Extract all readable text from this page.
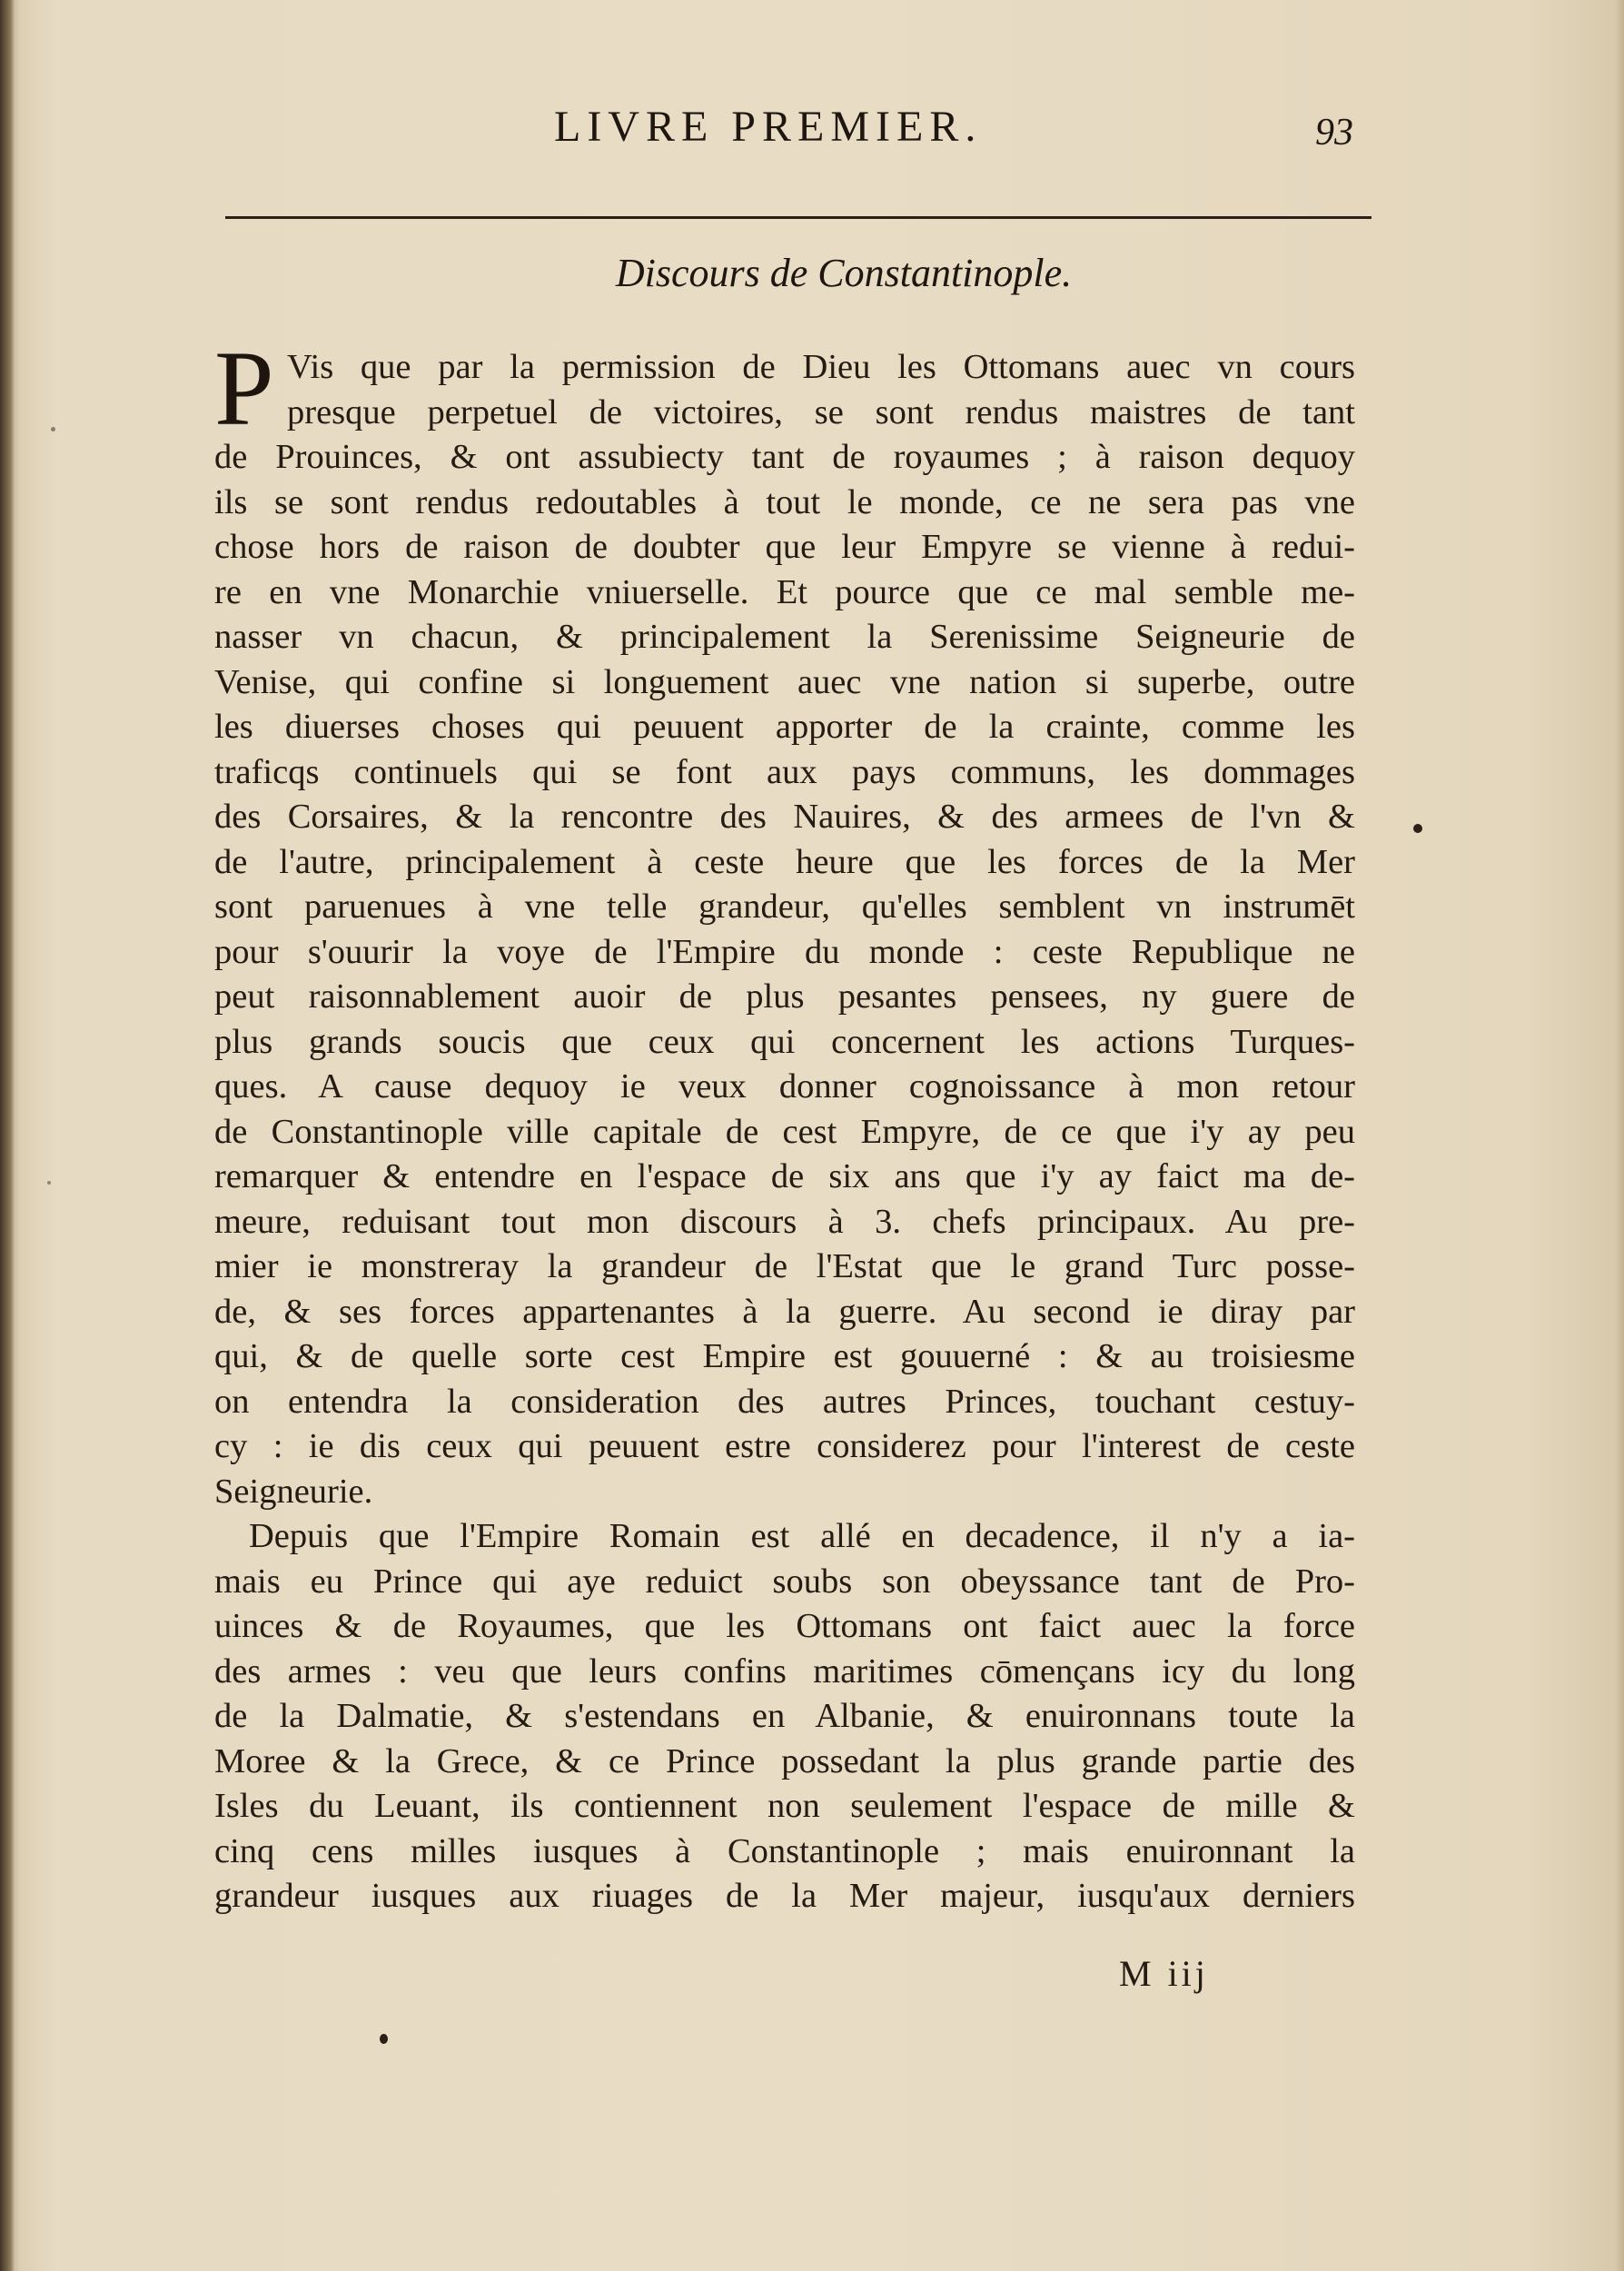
LIVRE PREMIER.	93
Discours de Constantinople.
P Vis que par la permission de Dieu les Ottomans auec vn cours
presque perpetuel de victoires, se sont rendus maistres de tant
de Prouinces, & ont assubiecty tant de royaumes ; à raison dequoy
ils se sont rendus redoutables à tout le monde, ce ne sera pas vne
chose hors de raison de doubter que leur Empyre se vienne à redui-
re en vne Monarchie vniuerselle. Et pource que ce mal semble me-
nasser vn chacun, & principalement la Serenissime Seigneurie de
Venise, qui confine si longuement auec vne nation si superbe, outre
les diuerses choses qui peuuent apporter de la crainte, comme les
traficqs continuels qui se font aux pays communs, les dommages
des Corsaires, & la rencontre des Nauires, & des armees de l'vn &
de l'autre, principalement à ceste heure que les forces de la Mer
sont paruenues à vne telle grandeur, qu'elles semblent vn instrumēt
pour s'ouurir la voye de l'Empire du monde : ceste Republique ne
peut raisonnablement auoir de plus pesantes pensees, ny guere de
plus grands soucis que ceux qui concernent les actions Turques-
ques. A cause dequoy ie veux donner cognoissance à mon retour
de Constantinople ville capitale de cest Empyre, de ce que i'y ay peu
remarquer & entendre en l'espace de six ans que i'y ay faict ma de-
meure, reduisant tout mon discours à 3. chefs principaux. Au pre-
mier ie monstreray la grandeur de l'Estat que le grand Turc posse-
de, & ses forces appartenantes à la guerre. Au second ie diray par
qui, & de quelle sorte cest Empire est gouuerné : & au troisiesme
on entendra la consideration des autres Princes, touchant cestuy-
cy : ie dis ceux qui peuuent estre considerez pour l'interest de ceste
Seigneurie.
Depuis que l'Empire Romain est allé en decadence, il n'y a ia-
mais eu Prince qui aye reduict soubs son obeyssance tant de Pro-
uinces & de Royaumes, que les Ottomans ont faict auec la force
des armes : veu que leurs confins maritimes cōmençans icy du long
de la Dalmatie, & s'estendans en Albanie, & enuironnans toute la
Moree & la Grece, & ce Prince possedant la plus grande partie des
Isles du Leuant, ils contiennent non seulement l'espace de mille &
cinq cens milles iusques à Constantinople ; mais enuironnant la
grandeur iusques aux riuages de la Mer majeur, iusqu'aux derniers
M iij
